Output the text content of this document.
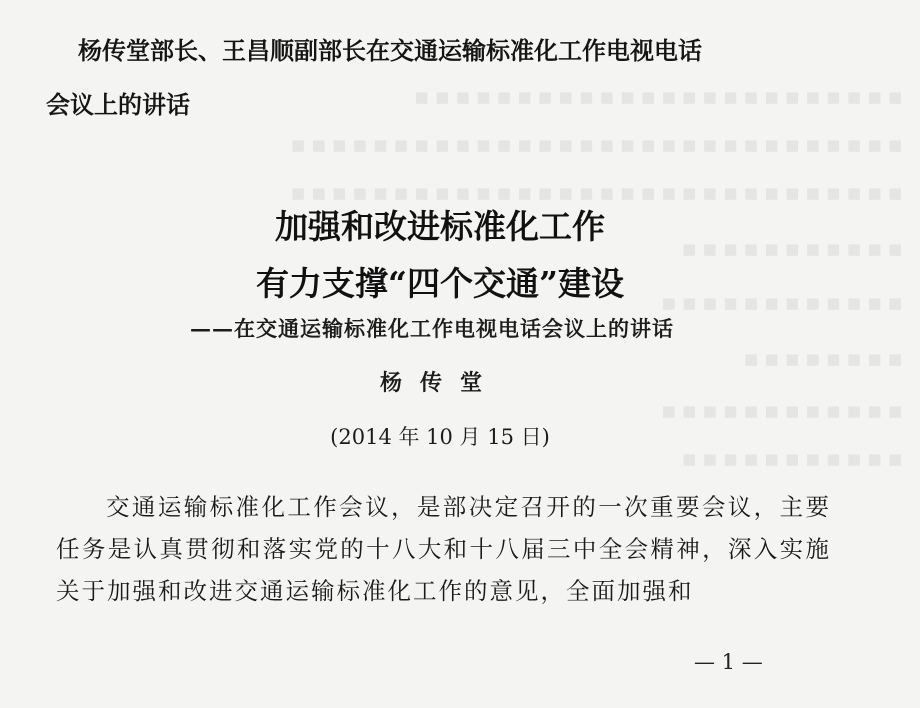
▪▪▪▪▪▪▪▪▪▪▪▪▪▪▪▪▪▪▪▪▪▪▪▪
▪▪▪▪▪▪▪▪▪▪▪▪▪▪▪▪▪▪▪▪▪▪▪▪▪▪▪▪▪▪
▪▪▪▪▪▪▪▪▪▪▪▪▪▪▪▪▪▪▪▪▪▪▪▪▪▪▪▪▪▪
▪▪▪▪▪▪▪▪▪▪▪
▪▪▪▪▪▪▪▪▪▪▪▪
▪▪▪▪▪▪▪▪
▪▪▪▪▪▪▪▪▪▪▪▪
▪▪▪▪▪▪▪▪▪▪▪
杨传堂部长、王昌顺副部长在交通运输标准化工作电视电话
会议上的讲话
加强和改进标准化工作
有力支撑“四个交通”建设
——在交通运输标准化工作电视电话会议上的讲话
杨传堂
(2014 年 10 月 15 日)
交通运输标准化工作会议，是部决定召开的一次重要会议，主要任务是认真贯彻和落实党的十八大和十八届三中全会精神，深入实施关于加强和改进交通运输标准化工作的意见，全面加强和
— 1 —
